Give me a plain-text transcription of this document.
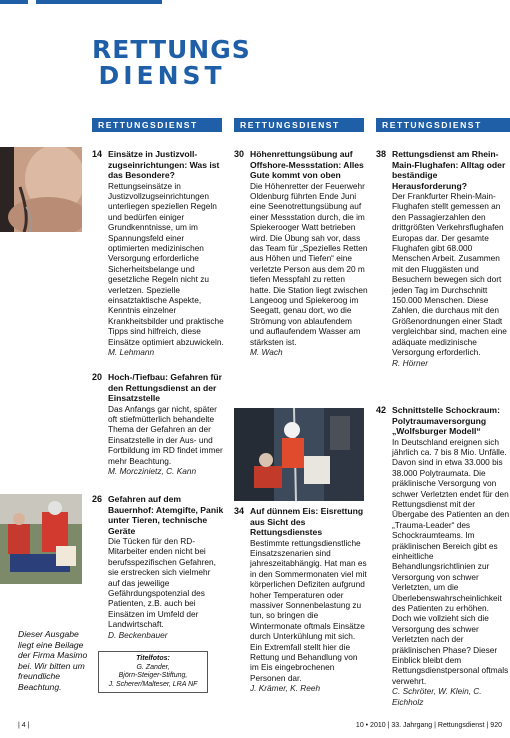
RETTUNGS
DIENST
RETTUNGSDIENST	RETTUNGSDIENST	RETTUNGSDIENST
14 Einsätze in Justizvoll-zugseinrichtungen: Was ist das Besondere?

Rettungseinsätze in Justizvollzugseinrichtungen unterliegen speziellen Regeln und bedürfen einiger Grundkenntnisse, um im Spannungsfeld einer optimierten medizinischen Versorgung erforderliche Sicherheitsbelange und gesetzliche Regeln nicht zu verletzen. Spezielle einsatztaktische Aspekte, Kenntnis einzelner Krankheitsbilder und praktische Tipps sind hilfreich, diese Einsätze optimiert abzuwickeln.

M. Lehmann
20 Hoch-/Tiefbau: Gefahren für den Rettungsdienst an der Einsatzstelle

Das Anfangs gar nicht, später oft stiefmütterlich behandelte Thema der Gefahren an der Einsatzstelle in der Aus- und Fortbildung im RD findet immer mehr Beachtung.

M. Morczinietz, C. Kann
26 Gefahren auf dem Bauernhof: Atemgifte, Panik unter Tieren, technische Geräte

Die Tücken für den RD-Mitarbeiter enden nicht bei berufsspezifischen Gefahren, sie erstrecken sich vielmehr auf das jeweilige Gefährdungspotenzial des Patienten, z.B. auch bei Einsätzen im Umfeld der Landwirtschaft.

D. Beckenbauer
30 Höhenrettungsübung auf Offshore-Messstation: Alles Gute kommt von oben

Die Höhenretter der Feuerwehr Oldenburg führten Ende Juni eine Seenotrettungsübung auf einer Messstation durch, die im Spiekerooger Watt betrieben wird. Die Übung sah vor, dass das Team für „Spezielles Retten aus Höhen und Tiefen“ eine verletzte Person aus dem 20 m tiefen Messpfahl zu retten hatte. Die Station liegt zwischen Langeoog und Spiekeroog im Seegatt, genau dort, wo die Strömung von ablaufendem und auflaufendem Wasser am stärksten ist.

M. Wach
34 Auf dünnem Eis: Eisrettung aus Sicht des Rettungsdienstes

Bestimmte rettungsdienstliche Einsatzszenarien sind jahreszeitabhängig. Hat man es in den Sommermonaten viel mit körperlichen Defiziten aufgrund hoher Temperaturen oder massiver Sonnenbelastung zu tun, so bringen die Wintermonate oftmals Einsätze durch Unterkühlung mit sich. Ein Extremfall stellt hier die Rettung und Behandlung von im Eis eingebrochenen Personen dar.

J. Krämer, K. Reeh
38 Rettungsdienst am Rhein-Main-Flughafen: Alltag oder beständige Herausforderung?

Der Frankfurter Rhein-Main-Flughafen stellt gemessen an den Passagierzahlen den drittgrößten Verkehrsflughafen Europas dar. Der gesamte Flughafen gibt 68.000 Menschen Arbeit. Zusammen mit den Fluggästen und Besuchern bewegen sich dort jeden Tag im Durchschnitt 150.000 Menschen. Diese Zahlen, die durchaus mit den Größenordnungen einer Stadt vergleichbar sind, machen eine adäquate medizinische Versorgung erforderlich.

R. Hörner
42 Schnittstelle Schockraum: Polytraumaversorgung „Wolfsburger Modell“

In Deutschland ereignen sich jährlich ca. 7 bis 8 Mio. Unfälle. Davon sind in etwa 33.000 bis 38.000 Polytraumata. Die präklinische Versorgung von schwer Verletzten endet für den Rettungsdienst mit der Übergabe des Patienten an den „Trauma-Leader“ des Schockraumteams. Im präklinischen Bereich gibt es einheitliche Behandlungsrichtlinien zur Versorgung von schwer Verletzten, um die Überlebenswahrscheinlichkeit des Patienten zu erhöhen. Doch wie vollzieht sich die Versorgung des schwer Verletzten nach der präklinischen Phase? Dieser Einblick bleibt dem Rettungsdienstpersonal oftmals verwehrt.

C. Schröter, W. Klein, C. Eichholz
Dieser Ausgabe liegt eine Beilage der Firma Masimo bei. Wir bitten um freundliche Beachtung.
Titelfotos:
G. Zander,
Björn-Steiger-Stiftung,
J. Scherer/Malteser, LRA NF
| 4 |	10 • 2010 | 33. Jahrgang | Rettungsdienst | 920
